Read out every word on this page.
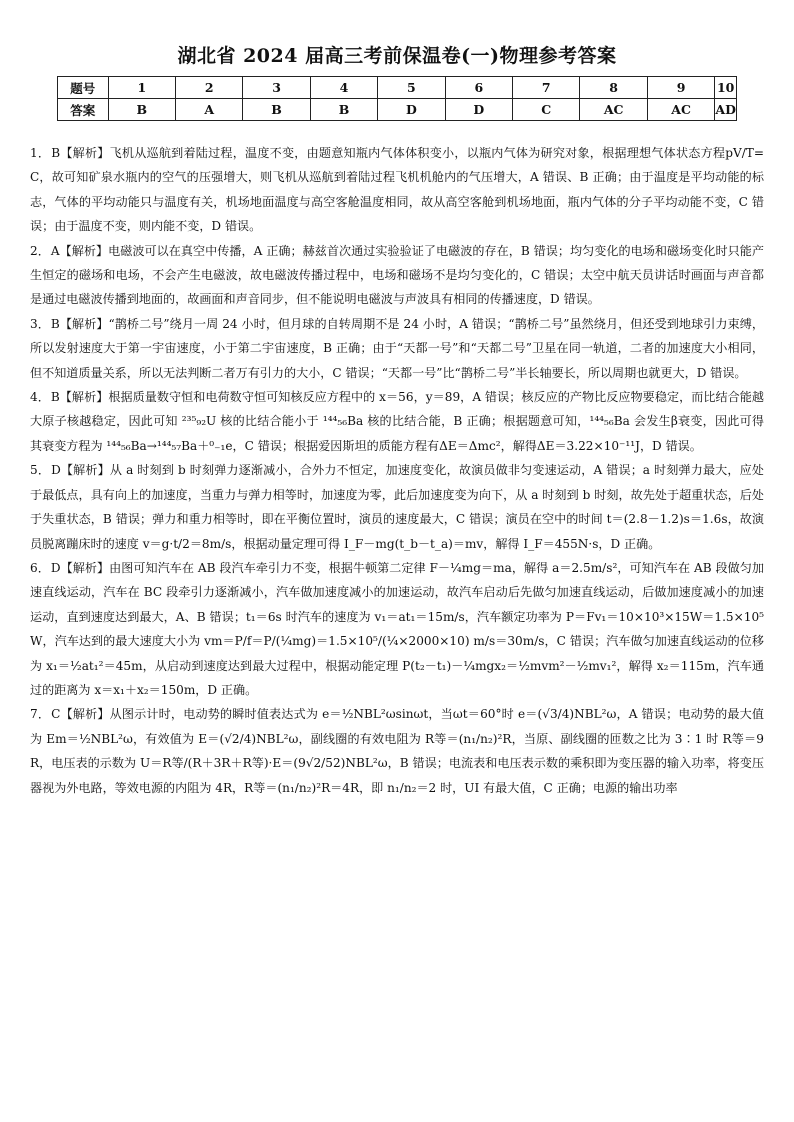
湖北省 2024 届高三考前保温卷(一)物理参考答案
题号	1	2	3	4	5	6	7	8	9	10
答案	B	A	B	B	D	D	C	AC	AC	AD

1．B【解析】飞机从巡航到着陆过程，温度不变，由题意知瓶内气体体积变小，以瓶内气体为研究对象，根据理想气体状态方程pV/T=C，故可知矿泉水瓶内的空气的压强增大，则飞机从巡航到着陆过程飞机机舱内的气压增大，A 错误、B 正确；由于温度是平均动能的标志，气体的平均动能只与温度有关，机场地面温度与高空客舱温度相同，故从高空客舱到机场地面，瓶内气体的分子平均动能不变，C 错误；由于温度不变，则内能不变，D 错误。

2．A【解析】电磁波可以在真空中传播，A 正确；赫兹首次通过实验验证了电磁波的存在，B 错误；均匀变化的电场和磁场变化时只能产生恒定的磁场和电场，不会产生电磁波，故电磁波传播过程中，电场和磁场不是均匀变化的，C 错误；太空中航天员讲话时画面与声音都是通过电磁波传播到地面的，故画面和声音同步，但不能说明电磁波与声波具有相同的传播速度，D 错误。

3．B【解析】“鹊桥二号”绕月一周 24 小时，但月球的自转周期不是 24 小时，A 错误；“鹊桥二号”虽然绕月，但还受到地球引力束缚，所以发射速度大于第一宇宙速度，小于第二宇宙速度，B 正确；由于“天都一号”和“天都二号”卫星在同一轨道，二者的加速度大小相同，但不知道质量关系，所以无法判断二者万有引力的大小，C 错误；“天都一号”比“鹊桥二号”半长轴要长，所以周期也就更大，D 错误。

4．B【解析】根据质量数守恒和电荷数守恒可知核反应方程中的 x＝56，y＝89，A 错误；核反应的产物比反应物要稳定，而比结合能越大原子核越稳定，因此可知 ²³⁵₉₂U 核的比结合能小于 ¹⁴⁴₅₆Ba 核的比结合能，B 正确；根据题意可知，¹⁴⁴₅₆Ba 会发生β衰变，因此可得其衰变方程为 ¹⁴⁴₅₆Ba→¹⁴⁴₅₇Ba＋⁰₋₁e，C 错误；根据爱因斯坦的质能方程有ΔE＝Δmc²，解得ΔE＝3.22×10⁻¹¹J，D 错误。

5．D【解析】从 a 时刻到 b 时刻弹力逐渐减小，合外力不恒定，加速度变化，故演员做非匀变速运动，A 错误；a 时刻弹力最大，应处于最低点，具有向上的加速度，当重力与弹力相等时，加速度为零，此后加速度变为向下，从 a 时刻到 b 时刻，故先处于超重状态，后处于失重状态，B 错误；弹力和重力相等时，即在平衡位置时，演员的速度最大，C 错误；演员在空中的时间 t＝(2.8－1.2)s＝1.6s，故演员脱离蹦床时的速度 v＝g·t/2＝8m/s，根据动量定理可得 I_F－mg(t_b－t_a)＝mv，解得 I_F＝455N·s，D 正确。

6．D【解析】由图可知汽车在 AB 段汽车牵引力不变，根据牛顿第二定律 F－¼mg＝ma，解得 a＝2.5m/s²，可知汽车在 AB 段做匀加速直线运动，汽车在 BC 段牵引力逐渐减小，汽车做加速度减小的加速运动，故汽车启动后先做匀加速直线运动，后做加速度减小的加速运动，直到速度达到最大，A、B 错误；t₁＝6s 时汽车的速度为 v₁＝at₁＝15m/s，汽车额定功率为 P＝Fv₁＝10×10³×15W＝1.5×10⁵W，汽车达到的最大速度大小为 vm＝P/f＝P/(¼mg)＝1.5×10⁵/(¼×2000×10) m/s＝30m/s，C 错误；汽车做匀加速直线运动的位移为 x₁＝½at₁²＝45m，从启动到速度达到最大过程中，根据动能定理 P(t₂－t₁)－¼mgx₂＝½mvm²－½mv₁²，解得 x₂＝115m，汽车通过的距离为 x＝x₁＋x₂＝150m，D 正确。

7．C【解析】从图示计时，电动势的瞬时值表达式为 e＝½NBL²ωsinωt，当ωt＝60°时 e＝(√3/4)NBL²ω，A 错误；电动势的最大值为 Em＝½NBL²ω，有效值为 E＝(√2/4)NBL²ω，副线圈的有效电阻为 R等＝(n₁/n₂)²R，当原、副线圈的匝数之比为 3∶1 时 R等＝9R，电压表的示数为 U＝R等/(R＋3R＋R等)·E＝(9√2/52)NBL²ω，B 错误；电流表和电压表示数的乘积即为变压器的输入功率，将变压器视为外电路，等效电源的内阻为 4R，R等＝(n₁/n₂)²R＝4R，即 n₁/n₂＝2 时，UI 有最大值，C 正确；电源的输出功率
